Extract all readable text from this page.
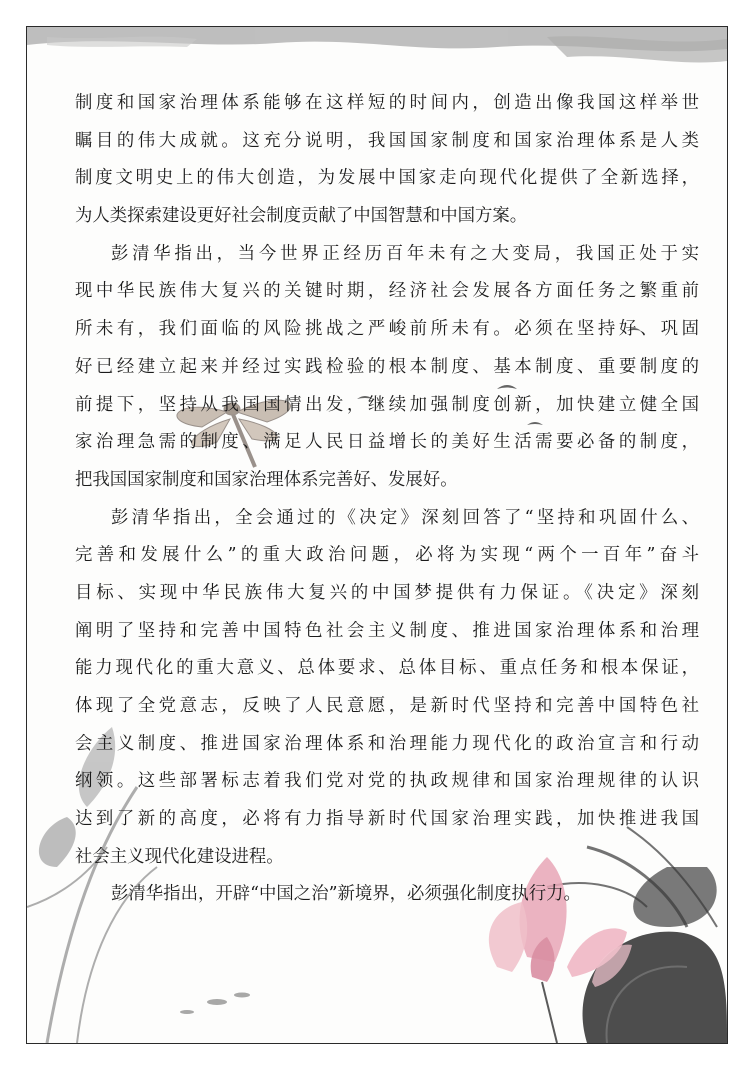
制度和国家治理体系能够在这样短的时间内，创造出像我国这样举世
瞩目的伟大成就。这充分说明，我国国家制度和国家治理体系是人类
制度文明史上的伟大创造，为发展中国家走向现代化提供了全新选择，
为人类探索建设更好社会制度贡献了中国智慧和中国方案。
彭清华指出，当今世界正经历百年未有之大变局，我国正处于实
现中华民族伟大复兴的关键时期，经济社会发展各方面任务之繁重前
所未有，我们面临的风险挑战之严峻前所未有。必须在坚持好、巩固
好已经建立起来并经过实践检验的根本制度、基本制度、重要制度的
前提下，坚持从我国国情出发，继续加强制度创新，加快建立健全国
家治理急需的制度、满足人民日益增长的美好生活需要必备的制度，
把我国国家制度和国家治理体系完善好、发展好。
彭清华指出，全会通过的《决定》深刻回答了“坚持和巩固什么、
完善和发展什么”的重大政治问题，必将为实现“两个一百年”奋斗
目标、实现中华民族伟大复兴的中国梦提供有力保证。《决定》深刻
阐明了坚持和完善中国特色社会主义制度、推进国家治理体系和治理
能力现代化的重大意义、总体要求、总体目标、重点任务和根本保证，
体现了全党意志，反映了人民意愿，是新时代坚持和完善中国特色社
会主义制度、推进国家治理体系和治理能力现代化的政治宣言和行动
纲领。这些部署标志着我们党对党的执政规律和国家治理规律的认识
达到了新的高度，必将有力指导新时代国家治理实践，加快推进我国
社会主义现代化建设进程。
彭清华指出，开辟“中国之治”新境界，必须强化制度执行力。
